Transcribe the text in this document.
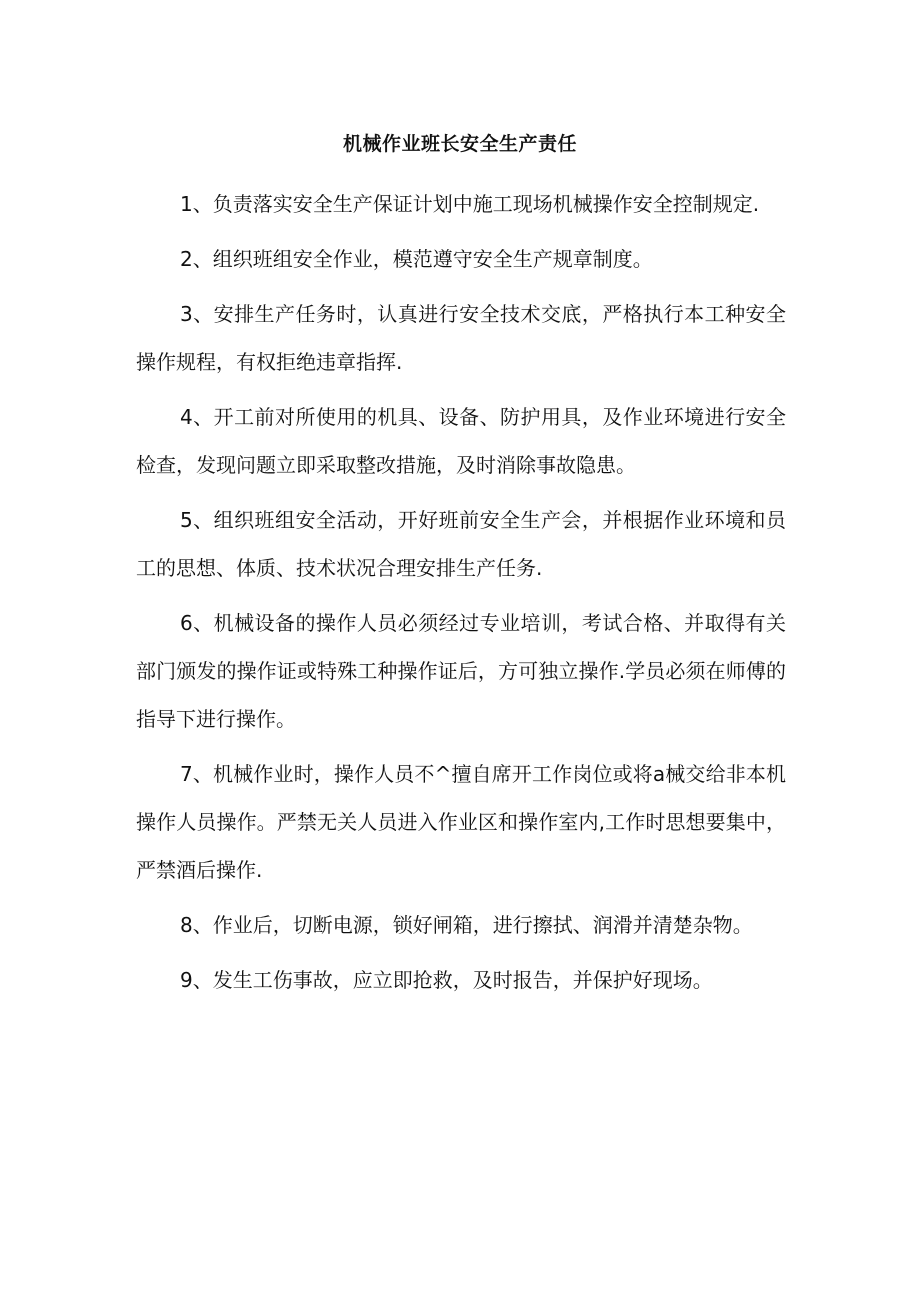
机械作业班长安全生产责任

1、负责落实安全生产保证计划中施工现场机械操作安全控制规定.

2、组织班组安全作业，模范遵守安全生产规章制度。

3、安排生产任务时，认真进行安全技术交底，严格执行本工种安全操作规程，有权拒绝违章指挥.

4、开工前对所使用的机具、设备、防护用具，及作业环境进行安全检查，发现问题立即采取整改措施，及时消除事故隐患。

5、组织班组安全活动，开好班前安全生产会，并根据作业环境和员工的思想、体质、技术状况合理安排生产任务.

6、机械设备的操作人员必须经过专业培训，考试合格、并取得有关部门颁发的操作证或特殊工种操作证后，方可独立操作.学员必须在师傅的指导下进行操作。

7、机械作业时，操作人员不^擅自席开工作岗位或将a械交给非本机操作人员操作。严禁无关人员进入作业区和操作室内,工作时思想要集中，严禁酒后操作.

8、作业后，切断电源，锁好闸箱，进行擦拭、润滑并清楚杂物。

9、发生工伤事故，应立即抢救，及时报告，并保护好现场。
